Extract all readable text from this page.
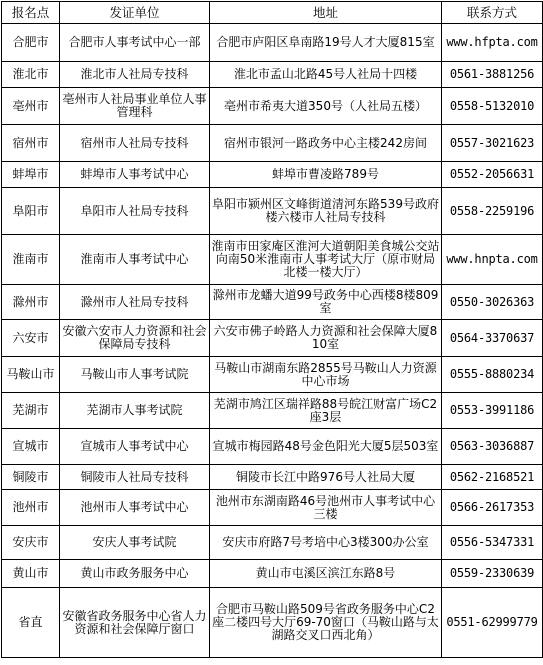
报名点	发证单位	地址	联系方式
合肥市	合肥市人事考试中心一部	合肥市庐阳区阜南路19号人才大厦815室	www.hfpta.com
淮北市	淮北市人社局专技科	淮北市孟山北路45号人社局十四楼	0561-3881256
亳州市	亳州市人社局事业单位人事管理科	亳州市希夷大道350号（人社局五楼）	0558-5132010
宿州市	宿州市人社局专技科	宿州市银河一路政务中心主楼242房间	0557-3021623
蚌埠市	蚌埠市人事考试中心	蚌埠市曹凌路789号	0552-2056631
阜阳市	阜阳市人社局专技科	阜阳市颍州区文峰街道清河东路539号政府楼六楼市人社局专技科	0558-2259196
淮南市	淮南市人事考试中心	淮南市田家庵区淮河大道朝阳美食城公交站向南50米淮南市人事考试大厅（原市财局北楼一楼大厅）	www.hnpta.com
滁州市	滁州市人社局专技科	滁州市龙蟠大道99号政务中心西楼8楼809室	0550-3026363
六安市	安徽六安市人力资源和社会保障局专技科	六安市佛子岭路人力资源和社会保障大厦810室	0564-3370637
马鞍山市	马鞍山市人事考试院	马鞍山市湖南东路2855号马鞍山人力资源中心市场	0555-8880234
芜湖市	芜湖市人事考试院	芜湖市鸠江区瑞祥路88号皖江财富广场C2座3层	0553-3991186
宣城市	宣城市人事考试中心	宣城市梅园路48号金色阳光大厦5层503室	0563-3036887
铜陵市	铜陵市人社局专技科	铜陵市长江中路976号人社局大厦	0562-2168521
池州市	池州市人事考试中心	池州市东湖南路46号池州市人事考试中心三楼	0566-2617353
安庆市	安庆人事考试院	安庆市府路7号考培中心3楼300办公室	0556-5347331
黄山市	黄山市政务服务中心	黄山市屯溪区滨江东路8号	0559-2330639
省直	安徽省政务服务中心省人力资源和社会保障厅窗口	合肥市马鞍山路509号省政务服务中心C2座二楼四号大厅69-70窗口（马鞍山路与太湖路交叉口西北角）	0551-62999779
